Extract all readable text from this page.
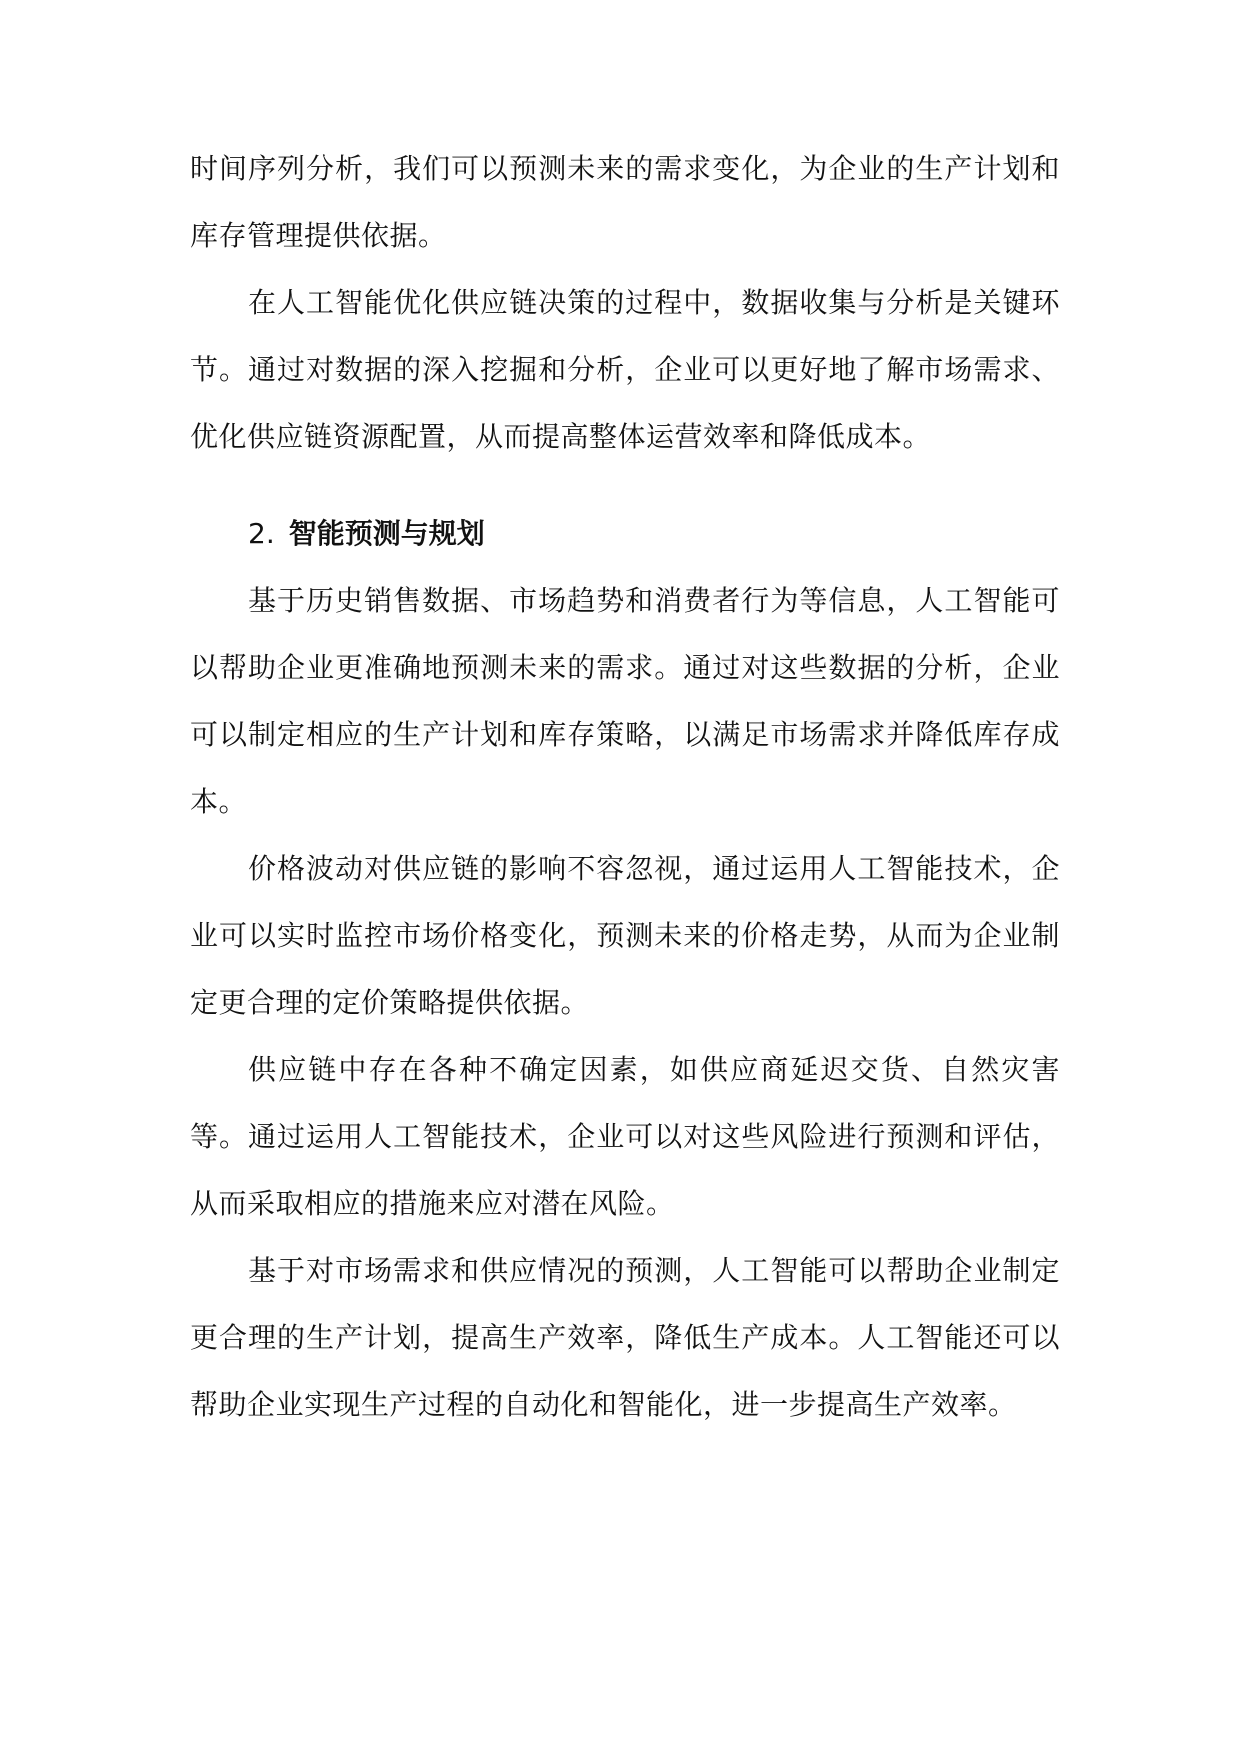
时间序列分析，我们可以预测未来的需求变化，为企业的生产计划和库存管理提供依据。

在人工智能优化供应链决策的过程中，数据收集与分析是关键环节。通过对数据的深入挖掘和分析，企业可以更好地了解市场需求、优化供应链资源配置，从而提高整体运营效率和降低成本。

2. 智能预测与规划

基于历史销售数据、市场趋势和消费者行为等信息，人工智能可以帮助企业更准确地预测未来的需求。通过对这些数据的分析，企业可以制定相应的生产计划和库存策略，以满足市场需求并降低库存成本。

价格波动对供应链的影响不容忽视，通过运用人工智能技术，企业可以实时监控市场价格变化，预测未来的价格走势，从而为企业制定更合理的定价策略提供依据。

供应链中存在各种不确定因素，如供应商延迟交货、自然灾害等。通过运用人工智能技术，企业可以对这些风险进行预测和评估，从而采取相应的措施来应对潜在风险。

基于对市场需求和供应情况的预测，人工智能可以帮助企业制定更合理的生产计划，提高生产效率，降低生产成本。人工智能还可以帮助企业实现生产过程的自动化和智能化，进一步提高生产效率。
